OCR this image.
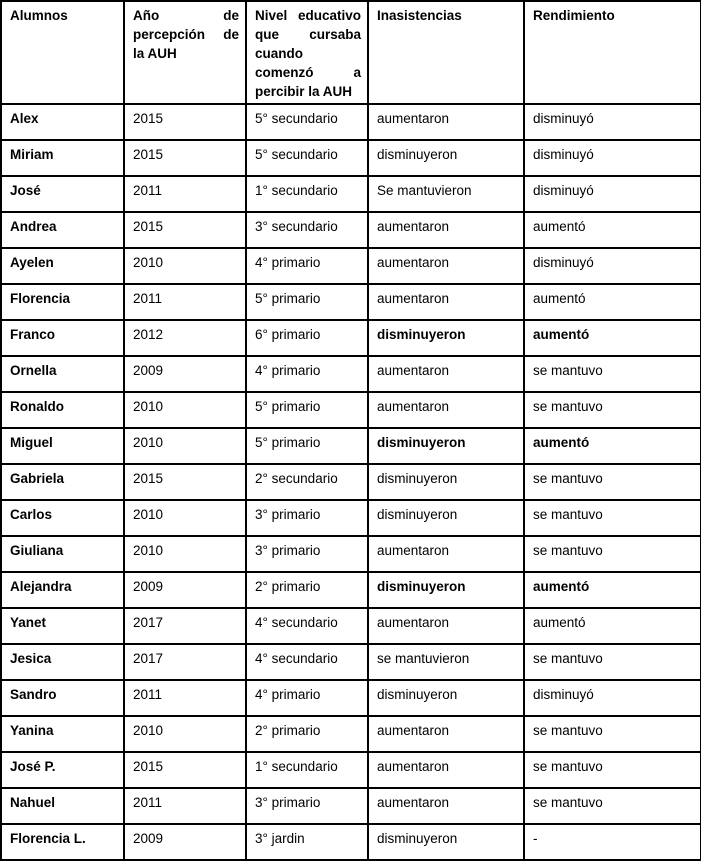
Alumnos	Año de percepción de la AUH	Nivel educativo que cursaba cuando comenzó a percibir la AUH	Inasistencias	Rendimiento
Alex	2015	5° secundario	aumentaron	disminuyó
Miriam	2015	5° secundario	disminuyeron	disminuyó
José	2011	1° secundario	Se mantuvieron	disminuyó
Andrea	2015	3° secundario	aumentaron	aumentó
Ayelen	2010	4° primario	aumentaron	disminuyó
Florencia	2011	5° primario	aumentaron	aumentó
Franco	2012	6° primario	disminuyeron	aumentó
Ornella	2009	4° primario	aumentaron	se mantuvo
Ronaldo	2010	5° primario	aumentaron	se mantuvo
Miguel	2010	5° primario	disminuyeron	aumentó
Gabriela	2015	2° secundario	disminuyeron	se mantuvo
Carlos	2010	3° primario	disminuyeron	se mantuvo
Giuliana	2010	3° primario	aumentaron	se mantuvo
Alejandra	2009	2° primario	disminuyeron	aumentó
Yanet	2017	4° secundario	aumentaron	aumentó
Jesica	2017	4° secundario	se mantuvieron	se mantuvo
Sandro	2011	4° primario	disminuyeron	disminuyó
Yanina	2010	2° primario	aumentaron	se mantuvo
José P.	2015	1° secundario	aumentaron	se mantuvo
Nahuel	2011	3° primario	aumentaron	se mantuvo
Florencia L.	2009	3° jardin	disminuyeron	-
